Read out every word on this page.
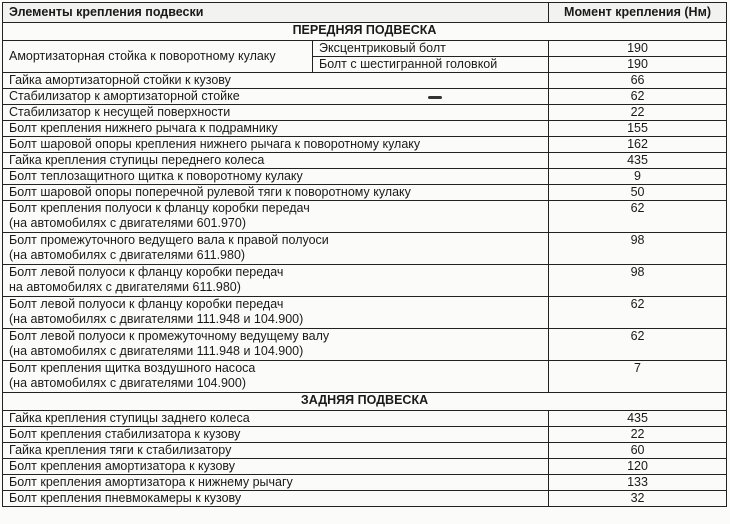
Элементы крепления подвески		Момент крепления (Нм)
ПЕРЕДНЯЯ ПОДВЕСКА		
Амортизаторная стойка к поворотному кулаку	Эксцентриковый болт	190
	Болт с шестигранной головкой	190

Гайка амортизаторной стойки к кузову		66

Стабилизатор к амортизаторной стойке		62

Стабилизатор к несущей поверхности		22

Болт крепления нижнего рычага к подрамнику		155

Болт шаровой опоры крепления нижнего рычага к поворотному кулаку		162

Гайка крепления ступицы переднего колеса		435

Болт теплозащитного щитка к поворотному кулаку		9

Болт шаровой опоры поперечной рулевой тяги к поворотному кулаку		50

Болт крепления полуоси к фланцу коробки передач
(на автомобилях с двигателями 601.970)		62

Болт промежуточного ведущего вала к правой полуоси
(на автомобилях с двигателями 611.980)		98

Болт левой полуоси к фланцу коробки передач
на автомобилях с двигателями 611.980)		98

Болт левой полуоси к фланцу коробки передач
(на автомобилях с двигателями 111.948 и 104.900)		62

Болт левой полуоси к промежуточному ведущему валу
(на автомобилях с двигателями 111.948 и 104.900)		62

Болт крепления щитка воздушного насоса
(на автомобилях с двигателями 104.900)		7
ЗАДНЯЯ ПОДВЕСКА		

Гайка крепления ступицы заднего колеса		435

Болт крепления стабилизатора к кузову		22

Гайка крепления тяги к стабилизатору		60

Болт крепления амортизатора к кузову		120

Болт крепления амортизатора к нижнему рычагу		133

Болт крепления пневмокамеры к кузову		32
